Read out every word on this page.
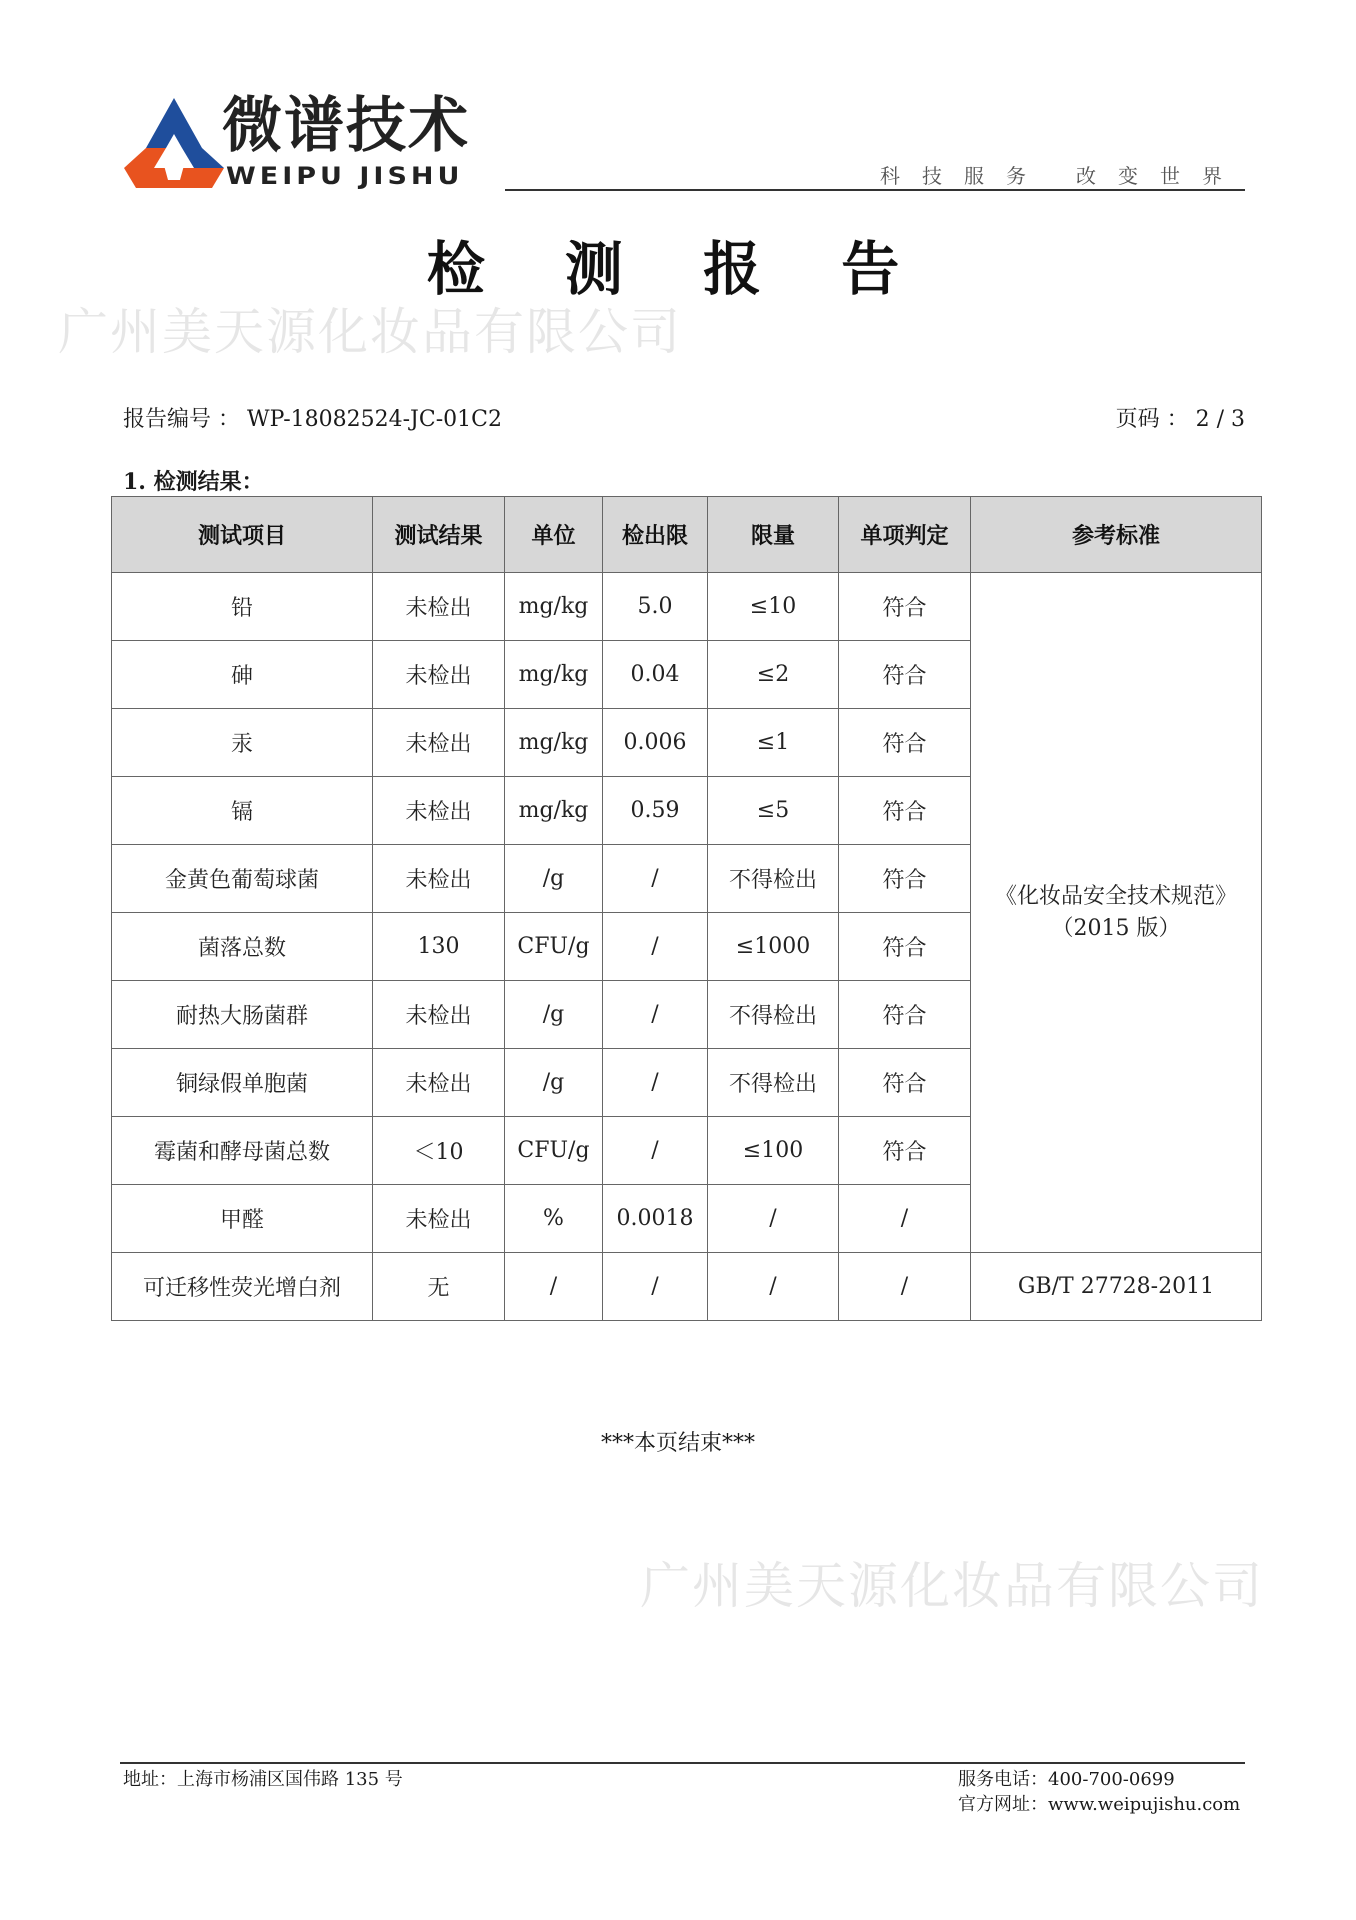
微谱技术
WEIPU JISHU	科技服务 改变世界
检 测 报 告
广州美天源化妆品有限公司
广州美天源化妆品有限公司
报告编号 ： WP-18082524-JC-01C2	页码 ： 2 / 3
1. 检测结果：
测试项目	测试结果	单位	检出限	限量	单项判定	参考标准
铅	未检出	mg/kg	5.0	≤10	符合	《化妆品安全技术规范》
（2015 版）

砷	未检出	mg/kg	0.04	≤2	符合	
汞	未检出	mg/kg	0.006	≤1	符合	
镉	未检出	mg/kg	0.59	≤5	符合	
金黄色葡萄球菌	未检出	/g	/	不得检出	符合	
菌落总数	130	CFU/g	/	≤1000	符合	
耐热大肠菌群	未检出	/g	/	不得检出	符合	
铜绿假单胞菌	未检出	/g	/	不得检出	符合	
霉菌和酵母菌总数	＜10	CFU/g	/	≤100	符合	
甲醛	未检出	%	0.0018	/	/	
可迁移性荧光增白剂	无	/	/	/	/	GB/T 27728-2011
***本页结束***
地址：上海市杨浦区国伟路 135 号	服务电话：400-700-0699
官方网址：www.weipujishu.com
